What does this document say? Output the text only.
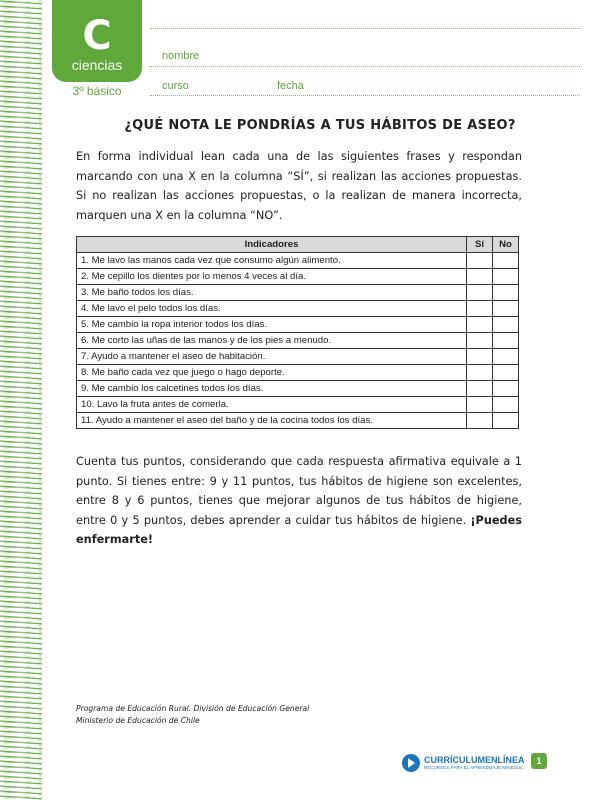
C
ciencias
3º básico
nombre
curso	fecha
¿QUÉ NOTA LE PONDRÍAS A TUS HÁBITOS DE ASEO?
En forma individual lean cada una de las siguientes frases y respondan marcando con una X en la columna “SÍ”, si realizan las acciones propuestas. Si no realizan las acciones propuestas, o la realizan de manera incorrecta, marquen una X en la columna “NO”.
Indicadores	Sí	No
1. Me lavo las manos cada vez que consumo algún alimento.		
2. Me cepillo los dientes por lo menos 4 veces al día.		
3. Me baño todos los días.		
4. Me lavo el pelo todos los días.		
5. Me cambio la ropa interior todos los días.		
6. Me corto las uñas de las manos y de los pies a menudo.		
7. Ayudo a mantener el aseo de habitación.		
8. Me baño cada vez que juego o hago deporte.		
9. Me cambio los calcetines todos los días.		
10. Lavo la fruta antes de comerla.		
11. Ayudo a mantener el aseo del baño y de la cocina todos los días.		
Cuenta tus puntos, considerando que cada respuesta afirmativa equivale a 1 punto. Si tienes entre: 9 y 11 puntos, tus hábitos de higiene son excelentes, entre 8 y 6 puntos, tienes que mejorar algunos de tus hábitos de higiene, entre 0 y 5 puntos, debes aprender a cuidar tus hábitos de higiene. ¡Puedes enfermarte!
Programa de Educación Rural. División de Educación General
Ministerio de Educación de Chile
CURRÍCULUMENLÍNEA
RECURSOS PARA EL APRENDIZAJE MINEDUC
1
